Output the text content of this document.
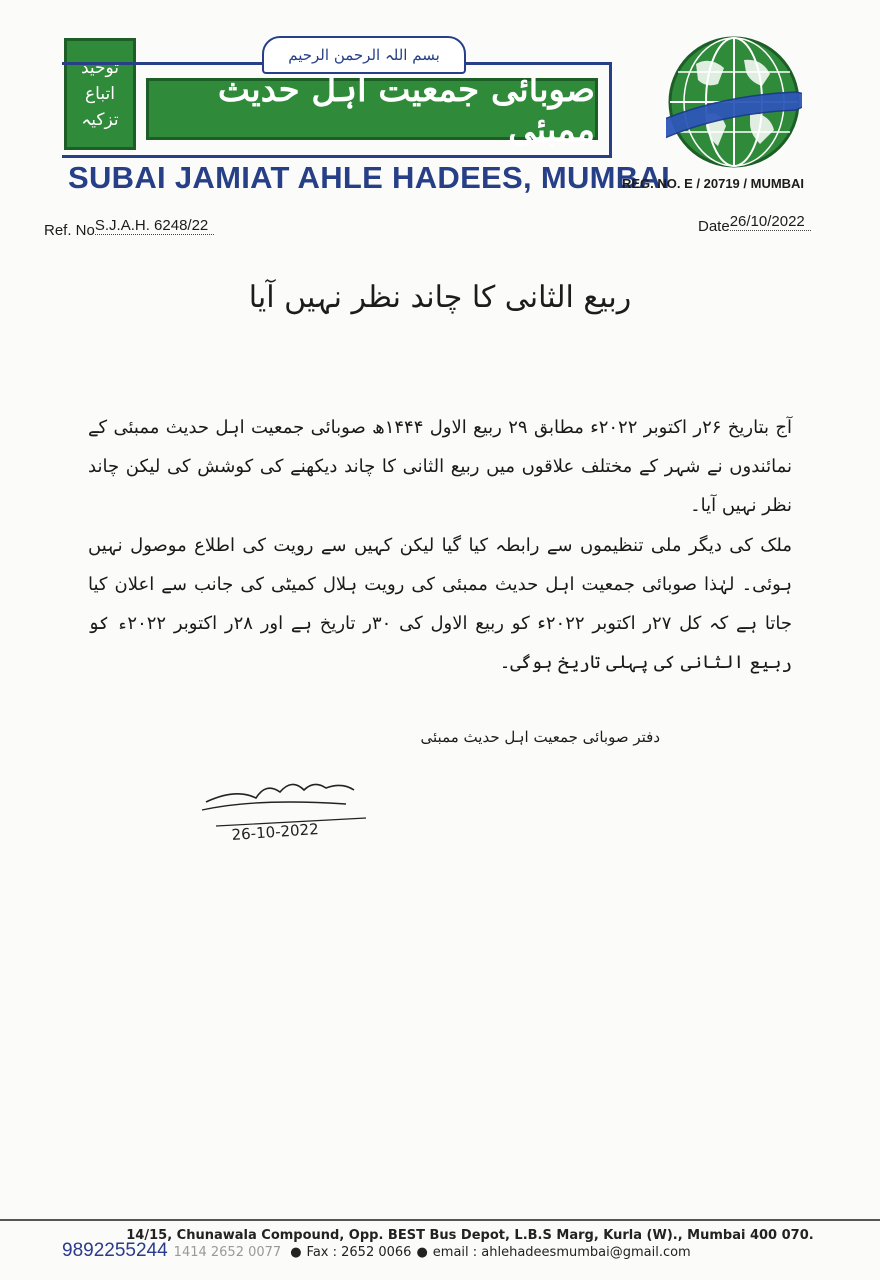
توحید
اتباع
تزکیہ
بسم اللہ الرحمن الرحیم
صوبائی جمعیت اہل حدیث ممبئی
SUBAI JAMIAT AHLE HADEES, MUMBAI
REG. NO. E / 20719 / MUMBAI
Ref. NoS.J.A.H. 6248/22	Date26/10/2022
ربیع الثانی کا چاند نظر نہیں آیا
آج بتاریخ ۲۶ر اکتوبر ۲۰۲۲ء مطابق ۲۹ ربیع الاول ۱۴۴۴ھ صوبائی جمعیت اہل حدیث ممبئی کے نمائندوں نے شہر کے مختلف علاقوں میں ربیع الثانی کا چاند دیکھنے کی کوشش کی لیکن چاند نظر نہیں آیا۔
ملک کی دیگر ملی تنظیموں سے رابطہ کیا گیا لیکن کہیں سے رویت کی اطلاع موصول نہیں ہوئی۔ لہٰذا صوبائی جمعیت اہل حدیث ممبئی کی رویت ہلال کمیٹی کی جانب سے اعلان کیا جاتا ہے کہ کل ۲۷ر اکتوبر ۲۰۲۲ء کو ربیع الاول کی ۳۰ر تاریخ ہے اور ۲۸ر اکتوبر ۲۰۲۲ء کو ربیع الثانی کی پہلی تاریخ ہوگی۔
دفتر صوبائی جمعیت اہل حدیث ممبئی
26-10-2022
14/15, Chunawala Compound, Opp. BEST Bus Depot, L.B.S Marg, Kurla (W)., Mumbai 400 070.
9892255244 1414 2652 0077 ● Fax : 2652 0066 ● email : ahlehadeesmumbai@gmail.com
